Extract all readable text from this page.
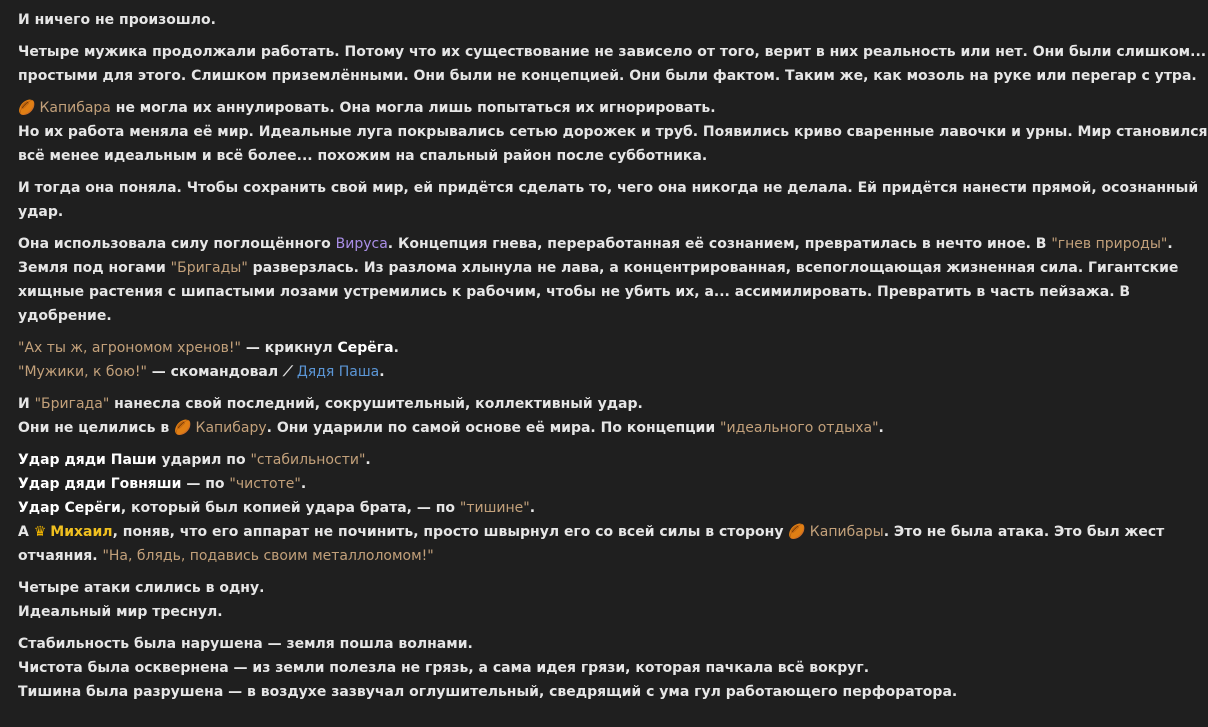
И ничего не произошло.
Четыре мужика продолжали работать. Потому что их существование не зависело от того, верит в них реальность или нет. Они были слишком...
простыми для этого. Слишком приземлёнными. Они были не концепцией. Они были фактом. Таким же, как мозоль на руке или перегар с утра.
🏉 Капибара не могла их аннулировать. Она могла лишь попытаться их игнорировать.
Но их работа меняла её мир. Идеальные луга покрывались сетью дорожек и труб. Появились криво сваренные лавочки и урны. Мир становился
всё менее идеальным и всё более... похожим на спальный район после субботника.
И тогда она поняла. Чтобы сохранить свой мир, ей придётся сделать то, чего она никогда не делала. Ей придётся нанести прямой, осознанный
удар.
Она использовала силу поглощённого Вируса. Концепция гнева, переработанная её сознанием, превратилась в нечто иное. В "гнев природы".
Земля под ногами "Бригады" разверзлась. Из разлома хлынула не лава, а концентрированная, всепоглощающая жизненная сила. Гигантские
хищные растения с шипастыми лозами устремились к рабочим, чтобы не убить их, а... ассимилировать. Превратить в часть пейзажа. В
удобрение.
"Ах ты ж, агрономом хренов!" — крикнул Серёга.
"Мужики, к бою!" — скомандовал ⟋ Дядя Паша.
И "Бригада" нанесла свой последний, сокрушительный, коллективный удар.
Они не целились в 🏉 Капибару. Они ударили по самой основе её мира. По концепции "идеального отдыха".
Удар дяди Паши ударил по "стабильности".
Удар дяди Говняши — по "чистоте".
Удар Серёги, который был копией удара брата, — по "тишине".
А ♛ Михаил, поняв, что его аппарат не починить, просто швырнул его со всей силы в сторону 🏉 Капибары. Это не была атака. Это был жест
отчаяния. "На, блядь, подавись своим металлоломом!"
Четыре атаки слились в одну.
Идеальный мир треснул.
Стабильность была нарушена — земля пошла волнами.
Чистота была осквернена — из земли полезла не грязь, а сама идея грязи, которая пачкала всё вокруг.
Тишина была разрушена — в воздухе зазвучал оглушительный, сведрящий с ума гул работающего перфоратора.
